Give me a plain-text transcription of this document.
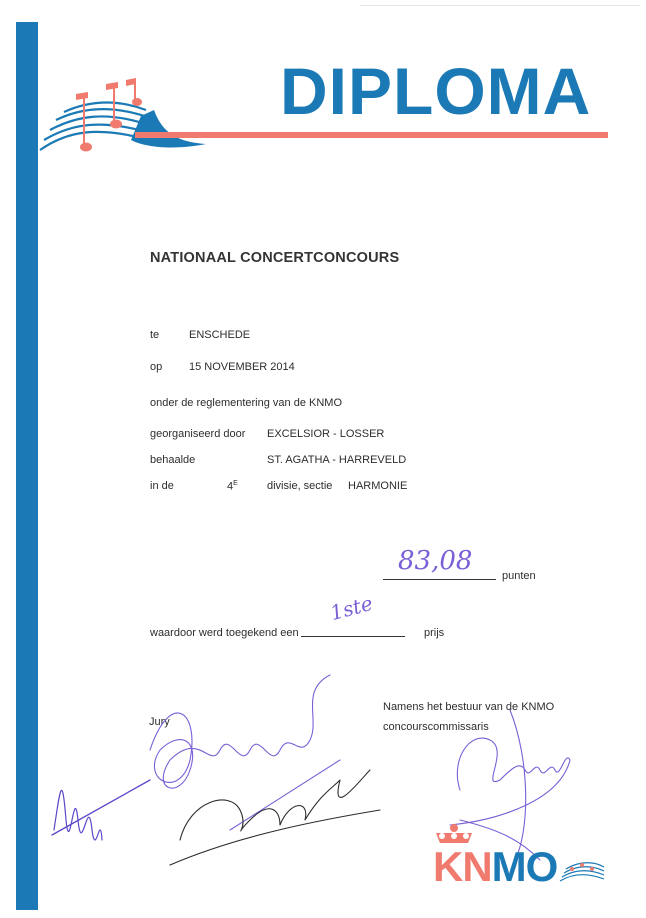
DIPLOMA
NATIONAAL CONCERTCONCOURS
te	ENSCHEDE
op 15 NOVEMBER 2014
onder de reglementering van de KNMO
georganiseerd door EXCELSIOR - LOSSER
behaalde	ST. AGATHA - HARREVELD
in de	$4^E$	divisie, sectie HARMONIE
83,08	punten
waardoor werd toegekend een
1ste
prijs
Jury
Namens het bestuur van de KNMO
concourscommissaris
KNMO
